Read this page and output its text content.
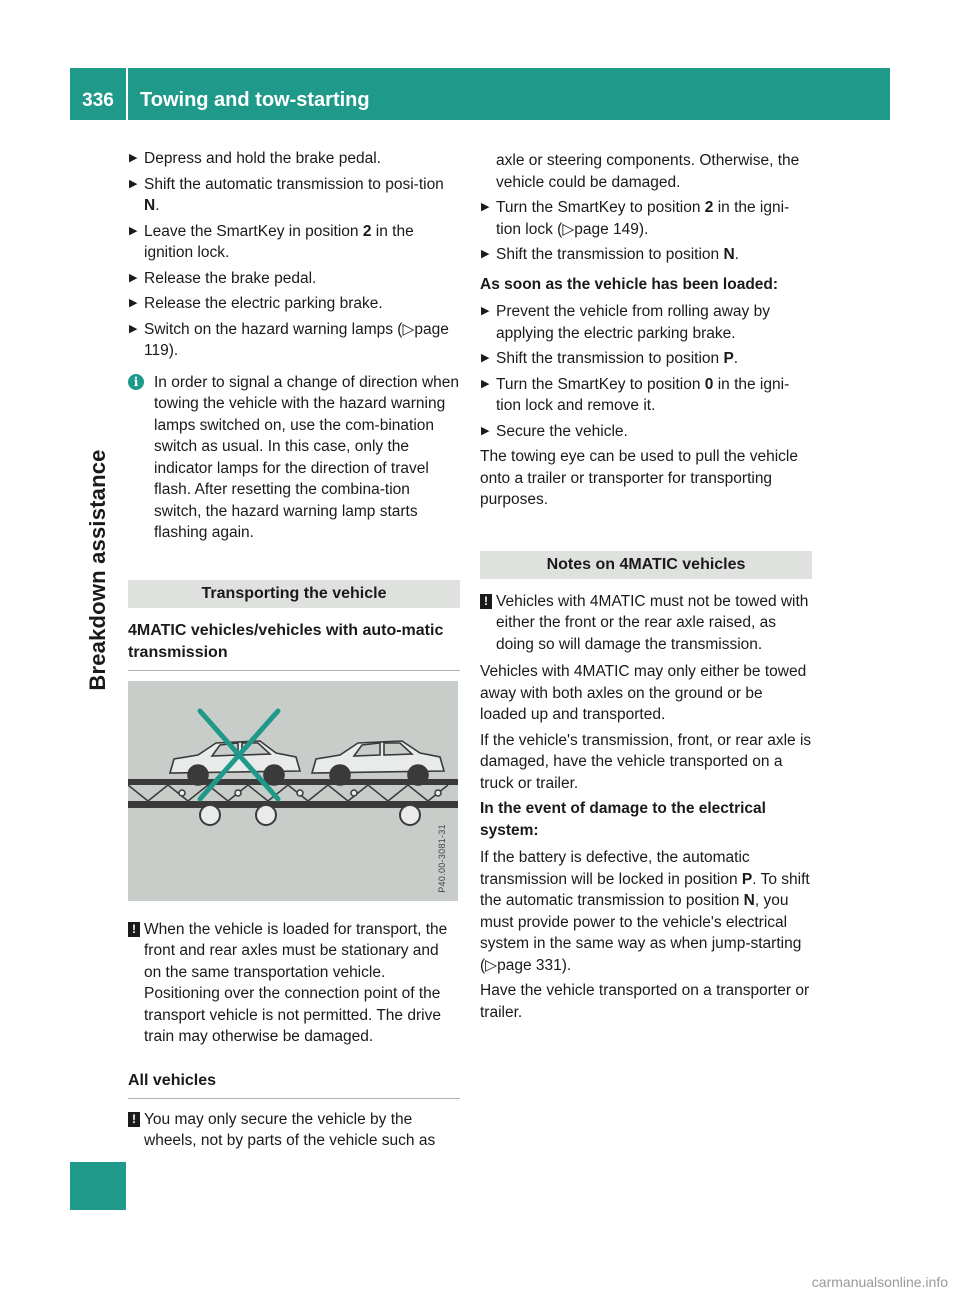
336 Towing and tow-starting
Breakdown assistance
▶ Depress and hold the brake pedal.
▶ Shift the automatic transmission to posi-tion N.
▶ Leave the SmartKey in position 2 in the ignition lock.
▶ Release the brake pedal.
▶ Release the electric parking brake.
▶ Switch on the hazard warning lamps (▷page 119).
i	In order to signal a change of direction when towing the vehicle with the hazard warning lamps switched on, use the com-bination switch as usual. In this case, only the indicator lamps for the direction of travel flash. After resetting the combina-tion switch, the hazard warning lamp starts flashing again.
Transporting the vehicle
4MATIC vehicles/vehicles with auto-matic transmission
P40.00-3081-31
! When the vehicle is loaded for transport, the front and rear axles must be stationary and on the same transportation vehicle. Positioning over the connection point of the transport vehicle is not permitted. The drive train may otherwise be damaged.
All vehicles
! You may only secure the vehicle by the wheels, not by parts of the vehicle such as
axle or steering components. Otherwise, the vehicle could be damaged.
▶ Turn the SmartKey to position 2 in the igni-tion lock (▷page 149).
▶ Shift the transmission to position N.
As soon as the vehicle has been loaded:
▶ Prevent the vehicle from rolling away by applying the electric parking brake.
▶ Shift the transmission to position P.
▶ Turn the SmartKey to position 0 in the igni-tion lock and remove it.
▶ Secure the vehicle.
The towing eye can be used to pull the vehicle onto a trailer or transporter for transporting purposes.
Notes on 4MATIC vehicles
! Vehicles with 4MATIC must not be towed with either the front or the rear axle raised, as doing so will damage the transmission.
Vehicles with 4MATIC may only either be towed away with both axles on the ground or be loaded up and transported.
If the vehicle's transmission, front, or rear axle is damaged, have the vehicle transported on a truck or trailer.
In the event of damage to the electrical system:
If the battery is defective, the automatic transmission will be locked in position P. To shift the automatic transmission to position N, you must provide power to the vehicle's electrical system in the same way as when jump-starting (▷page 331).
Have the vehicle transported on a transporter or trailer.
carmanualsonline.info
